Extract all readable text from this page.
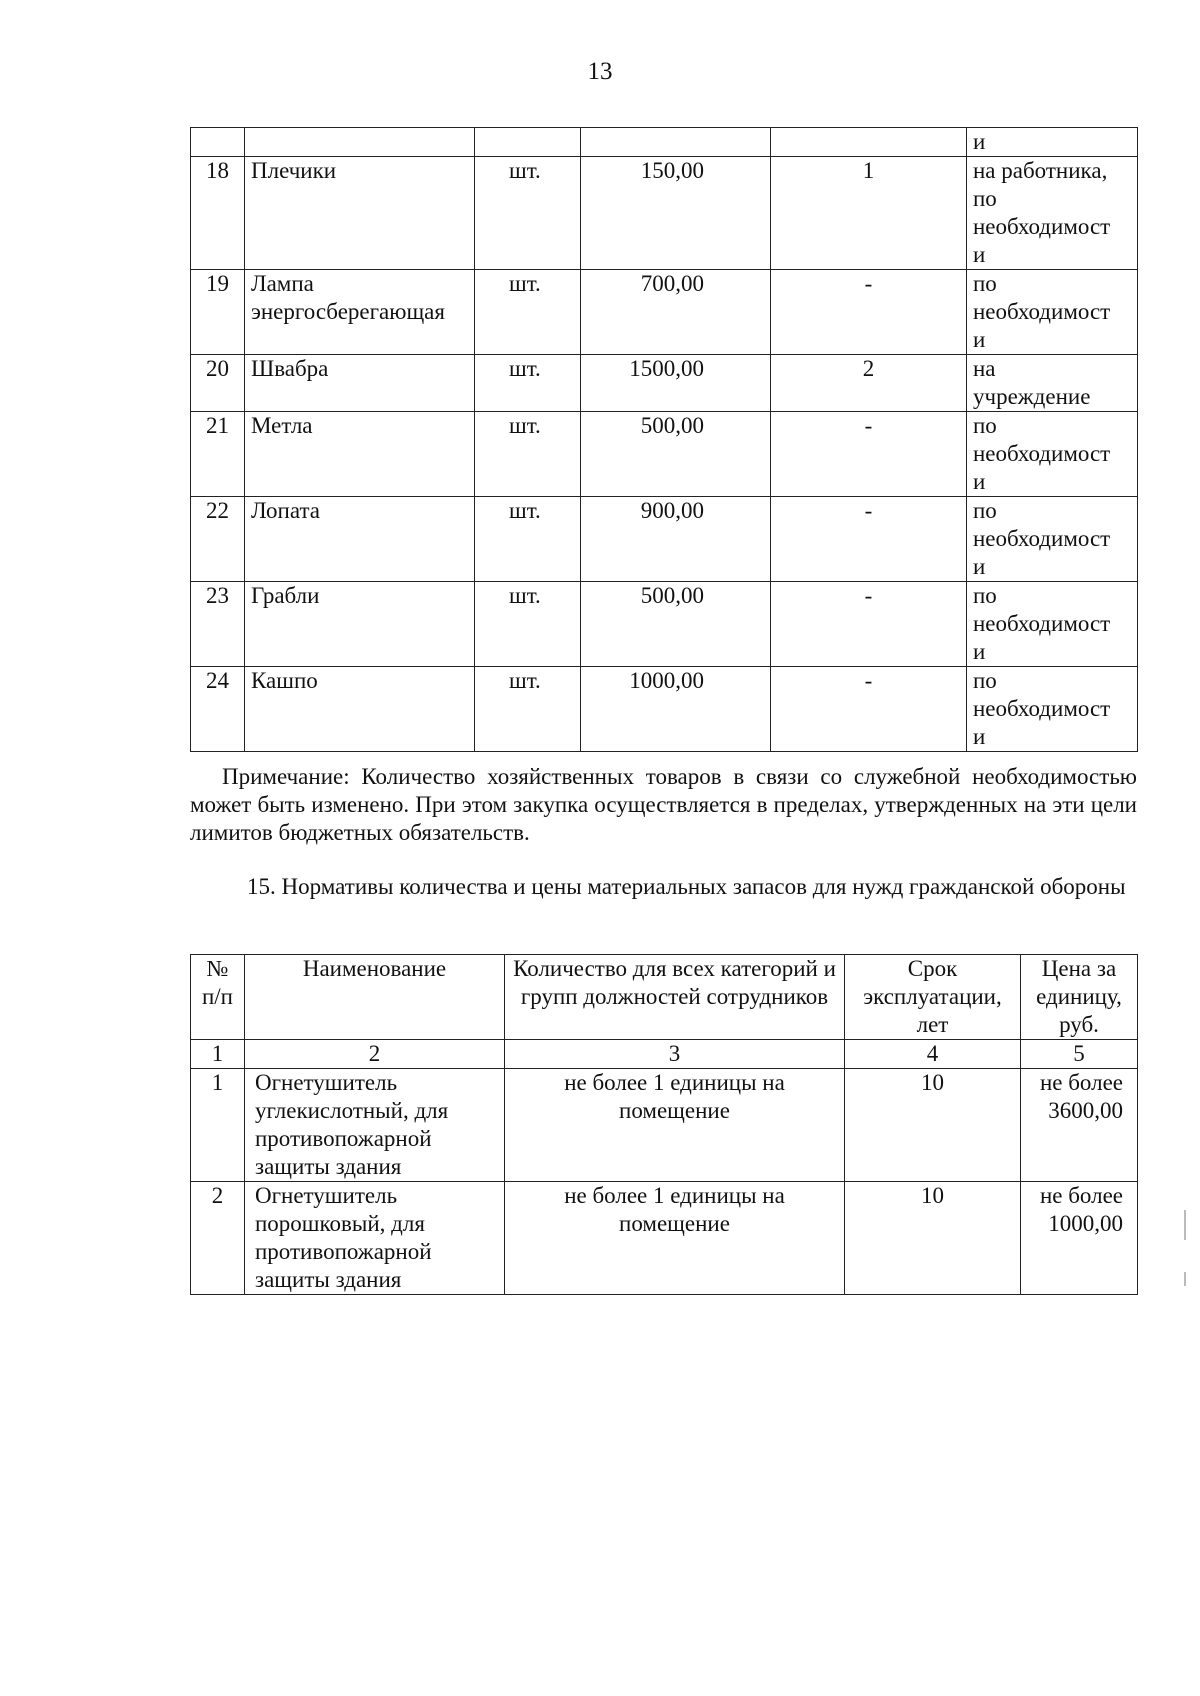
13
					и
18	Плечики	шт.	150,00	1	на работника,
по
необходимост
и

19	Лампа энергосберегающая	шт.	700,00	-	по
необходимост
и

20	Швабра	шт.	1500,00	2	на
учреждение

21	Метла	шт.	500,00	-	по
необходимост
и

22	Лопата	шт.	900,00	-	по
необходимост
и

23	Грабли	шт.	500,00	-	по
необходимост
и

24	Кашпо	шт.	1000,00	-	по
необходимост
и
Примечание: Количество хозяйственных товаров в связи со служебной необходимостью может быть изменено. При этом закупка осуществляется в пределах, утвержденных на эти цели лимитов бюджетных обязательств.
15. Нормативы количества и цены материальных запасов для нужд гражданской обороны
№ п/п	Наименование	Количество для всех категорий и групп должностей сотрудников	Срок эксплуатации, лет	Цена за единицу, руб.
1	2	3	4	5
1	Огнетушитель углекислотный, для противопожарной защиты здания	не более 1 единицы на помещение	10	не более 3600,00
2	Огнетушитель порошковый, для противопожарной защиты здания	не более 1 единицы на помещение	10	не более 1000,00
